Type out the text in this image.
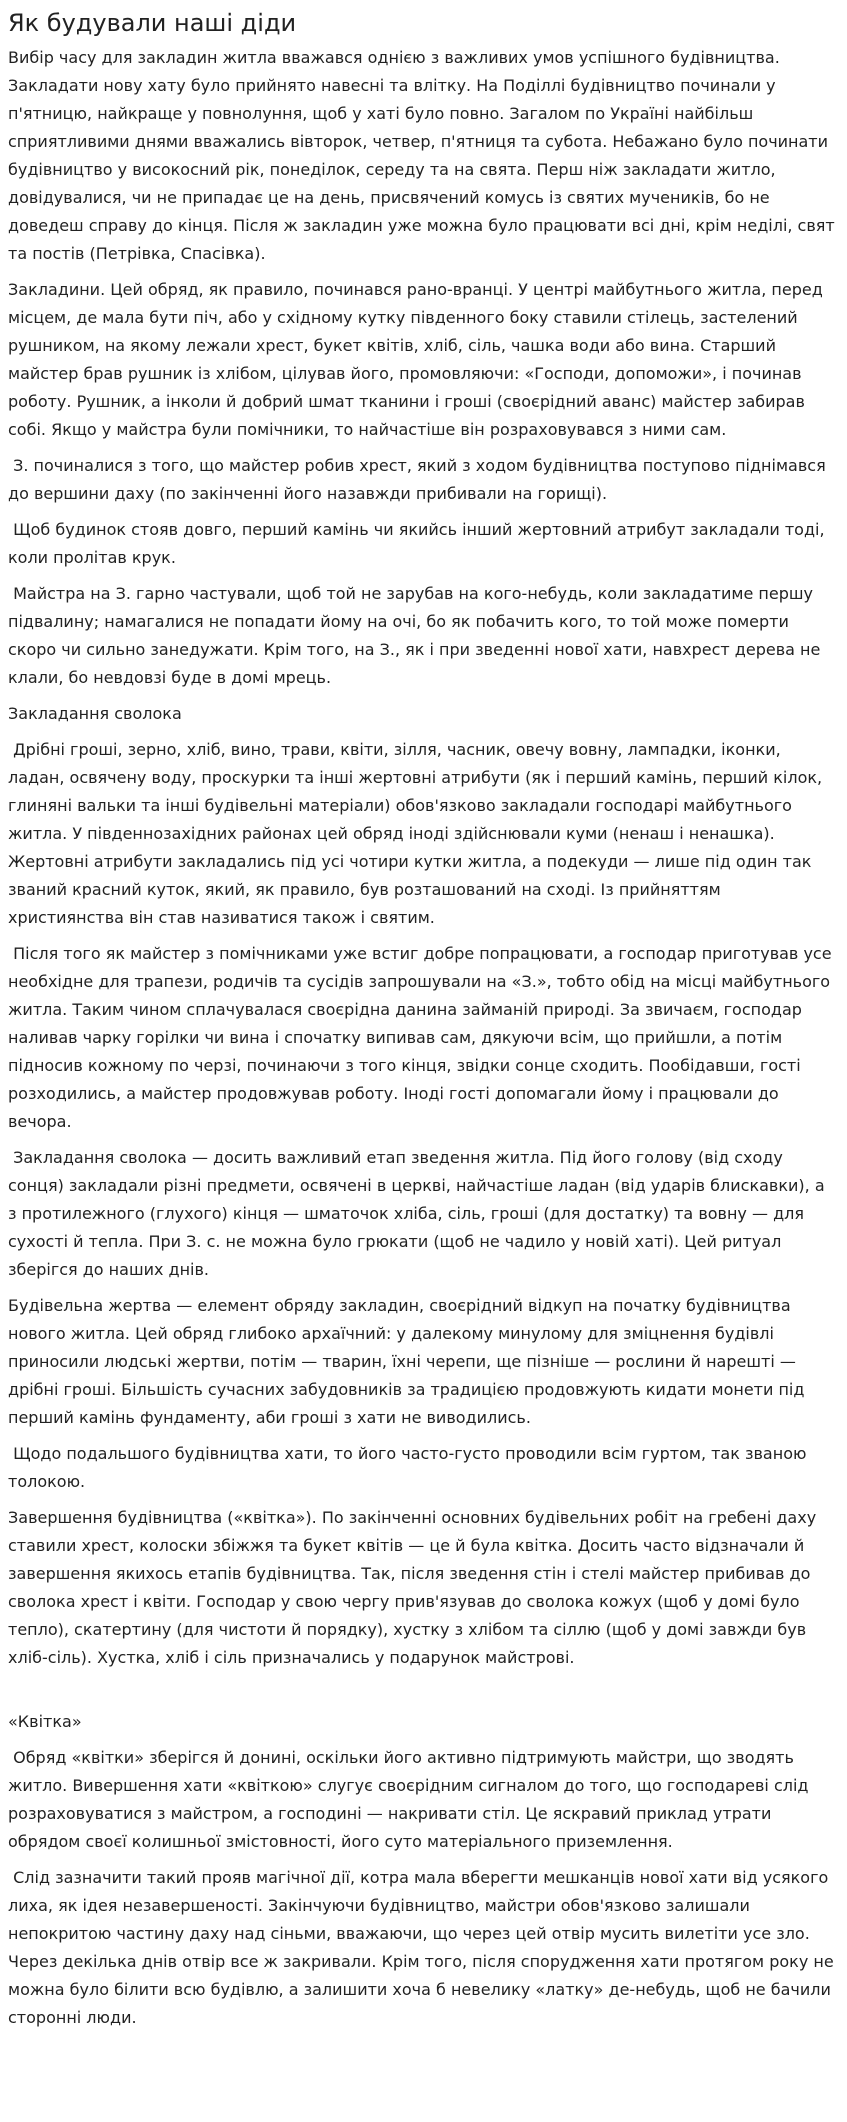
Як будували наші діди

Вибір часу для закладин житла вважався однією з важливих умов успішного будівництва. Закладати нову хату було прийнято навесні та влітку. На Поділлі будівництво починали у п'ятницю, найкраще у повнолуння, щоб у хаті було повно. Загалом по Україні найбільш сприятливими днями вважались вівторок, четвер, п'ятниця та субота. Небажано було починати будівництво у високосний рік, понеділок, середу та на свята. Перш ніж закладати житло, довідувалися, чи не припадає це на день, присвячений комусь із святих мучеників, бо не доведеш справу до кінця. Після ж закладин уже можна було працювати всі дні, крім неділі, свят та постів (Петрівка, Спасівка).

Закладини. Цей обряд, як правило, починався рано-вранці. У центрі майбутнього житла, перед місцем, де мала бути піч, або у східному кутку південного боку ставили стілець, застелений рушником, на якому лежали хрест, букет квітів, хліб, сіль, чашка води або вина. Старший майстер брав рушник із хлібом, цілував його, промовляючи: «Господи, допоможи», і починав роботу. Рушник, а інколи й добрий шмат тканини і гроші (своєрідний аванс) майстер забирав собі. Якщо у майстра були помічники, то найчастіше він розраховувався з ними сам.

З. починалися з того, що майстер робив хрест, який з ходом будівництва поступово піднімався до вершини даху (по закінченні його назавжди прибивали на горищі).

Щоб будинок стояв довго, перший камінь чи якийсь інший жертовний атрибут закладали тоді, коли пролітав крук.

Майстра на З. гарно частували, щоб той не зарубав на кого-небудь, коли закладатиме першу підвалину; намагалися не попадати йому на очі, бо як побачить кого, то той може померти скоро чи сильно занедужати. Крім того, на З., як і при зведенні нової хати, навхрест дерева не клали, бо невдовзі буде в домі мрець.

Закладання сволока

Дрібні гроші, зерно, хліб, вино, трави, квіти, зілля, часник, овечу вовну, лампадки, іконки, ладан, освячену воду, проскурки та інші жертовні атрибути (як і перший камінь, перший кілок, глиняні вальки та інші будівельні матеріали) обов'язково закладали господарі майбутнього житла. У південнозахідних районах цей обряд іноді здійснювали куми (ненаш і ненашка). Жертовні атрибути закладались під усі чотири кутки житла, а подекуди — лише під один так званий красний куток, який, як правило, був розташований на сході. Із прийняттям християнства він став називатися також і святим.

Після того як майстер з помічниками уже встиг добре попрацювати, а господар приготував усе необхідне для трапези, родичів та сусідів запрошували на «З.», тобто обід на місці майбутнього житла. Таким чином сплачувалася своєрідна данина займаній природі. За звичаєм, господар наливав чарку горілки чи вина і спочатку випивав сам, дякуючи всім, що прийшли, а потім підносив кожному по черзі, починаючи з того кінця, звідки сонце сходить. Пообідавши, гості розходились, а майстер продовжував роботу. Іноді гості допомагали йому і працювали до вечора.

Закладання сволока — досить важливий етап зведення житла. Під його голову (від сходу сонця) закладали різні предмети, освячені в церкві, найчастіше ладан (від ударів блискавки), а з протилежного (глухого) кінця — шматочок хліба, сіль, гроші (для достатку) та вовну — для сухості й тепла. При З. с. не можна було грюкати (щоб не чадило у новій хаті). Цей ритуал зберігся до наших днів.

Будівельна жертва — елемент обряду закладин, своєрідний відкуп на початку будівництва нового житла. Цей обряд глибоко архаїчний: у далекому минулому для зміцнення будівлі приносили людські жертви, потім — тварин, їхні черепи, ще пізніше — рослини й нарешті — дрібні гроші. Більшість сучасних забудовників за традицією продовжують кидати монети під перший камінь фундаменту, аби гроші з хати не виводились.

Щодо подальшого будівництва хати, то його часто-густо проводили всім гуртом, так званою толокою.

Завершення будівництва («квітка»). По закінченні основних будівельних робіт на гребені даху ставили хрест, колоски збіжжя та букет квітів — це й була квітка. Досить часто відзначали й завершення якихось етапів будівництва. Так, після зведення стін і стелі майстер прибивав до сволока хрест і квіти. Господар у свою чергу прив'язував до сволока кожух (щоб у домі було тепло), скатертину (для чистоти й порядку), хустку з хлібом та сіллю (щоб у домі завжди був хліб-сіль). Хустка, хліб і сіль призначались у подарунок майстрові.

«Квітка»

Обряд «квітки» зберігся й донині, оскільки його активно підтримують майстри, що зводять житло. Вивершення хати «квіткою» слугує своєрідним сигналом до того, що господареві слід розраховуватися з майстром, а господині — накривати стіл. Це яскравий приклад утрати обрядом своєї колишньої змістовності, його суто матеріального приземлення.

Слід зазначити такий прояв магічної дії, котра мала вберегти мешканців нової хати від усякого лиха, як ідея незавершеності. Закінчуючи будівництво, майстри обов'язково залишали непокритою частину даху над сіньми, вважаючи, що через цей отвір мусить вилетіти усе зло. Через декілька днів отвір все ж закривали. Крім того, після спорудження хати протягом року не можна було білити всю будівлю, а залишити хоча б невелику «латку» де-небудь, щоб не бачили сторонні люди.
